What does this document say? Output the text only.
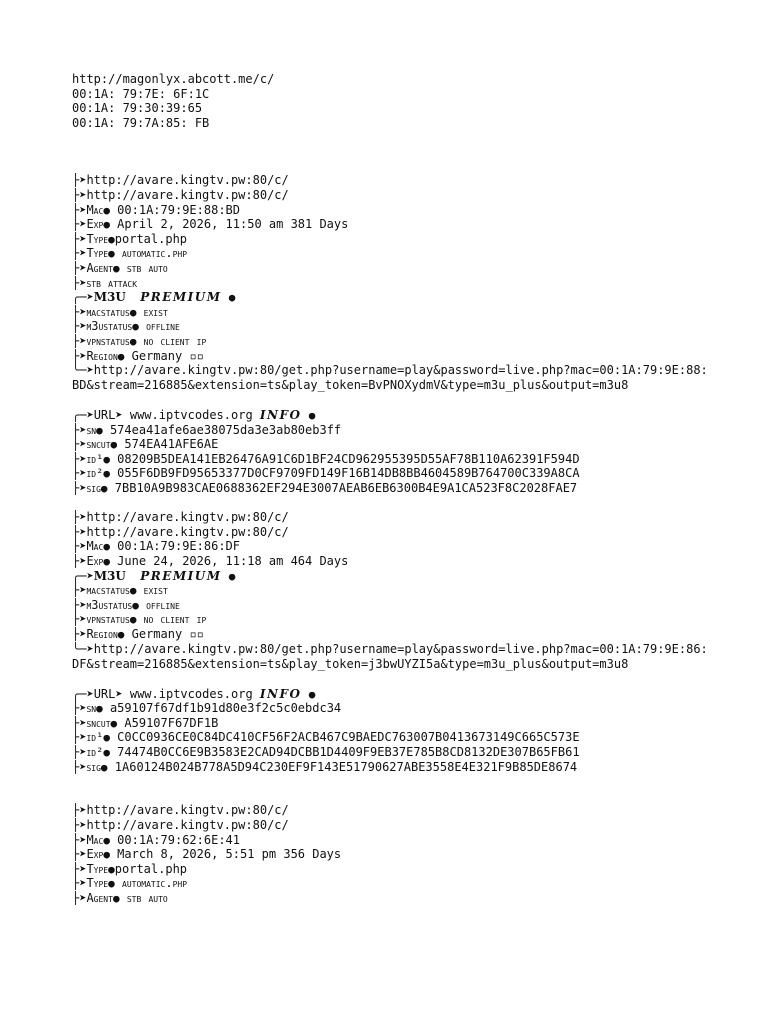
http://magonlyx.abcott.me/c/
00:1A: 79:7E: 6F:1C
00:1A: 79:30:39:65
00:1A: 79:7A:85: FB
├➤http://avare.kingtv.pw:80/c/
├➤http://avare.kingtv.pw:80/c/
├➤Mac● 00:1A:79:9E:88:BD
├➤Exp● April 2, 2026, 11:50 am 381 Days
├➤Type●portal.php
├➤Type● automatic.php
├➤Agent● stb auto
├➤stb attack
╭─➤M3U PREMIUM ●
├➤macstatus● exist
├➤m3ustatus● offline
├➤vpnstatus● no client ip
├➤Region● Germany ▫▫
╰─➤http://avare.kingtv.pw:80/get.php?username=play&password=live.php?mac=00:1A:79:9E:88:BD&stream=216885&extension=ts&play_token=BvPNOXydmV&type=m3u_plus&output=m3u8
╭─➤URL➤ www.iptvcodes.org INFO ●
├➤sn● 574ea41afe6ae38075da3e3ab80eb3ff
├➤sncut● 574EA41AFE6AE
├➤id¹● 08209B5DEA141EB26476A91C6D1BF24CD962955395D55AF78B110A62391F594D
├➤id²● 055F6DB9FD95653377D0CF9709FD149F16B14DB8BB4604589B764700C339A8CA
├➤sig● 7BB10A9B983CAE0688362EF294E3007AEAB6EB6300B4E9A1CA523F8C2028FAE7
├➤http://avare.kingtv.pw:80/c/
├➤http://avare.kingtv.pw:80/c/
├➤Mac● 00:1A:79:9E:86:DF
├➤Exp● June 24, 2026, 11:18 am 464 Days
╭─➤M3U PREMIUM ●
├➤macstatus● exist
├➤m3ustatus● offline
├➤vpnstatus● no client ip
├➤Region● Germany ▫▫
╰─➤http://avare.kingtv.pw:80/get.php?username=play&password=live.php?mac=00:1A:79:9E:86:DF&stream=216885&extension=ts&play_token=j3bwUYZI5a&type=m3u_plus&output=m3u8
╭─➤URL➤ www.iptvcodes.org INFO ●
├➤sn● a59107f67df1b91d80e3f2c5c0ebdc34
├➤sncut● A59107F67DF1B
├➤id¹● C0CC0936CE0C84DC410CF56F2ACB467C9BAEDC763007B0413673149C665C573E
├➤id²● 74474B0CC6E9B3583E2CAD94DCBB1D4409F9EB37E785B8CD8132DE307B65FB61
├➤sig● 1A60124B024B778A5D94C230EF9F143E51790627ABE3558E4E321F9B85DE8674
├➤http://avare.kingtv.pw:80/c/
├➤http://avare.kingtv.pw:80/c/
├➤Mac● 00:1A:79:62:6E:41
├➤Exp● March 8, 2026, 5:51 pm 356 Days
├➤Type●portal.php
├➤Type● automatic.php
├➤Agent● stb auto
